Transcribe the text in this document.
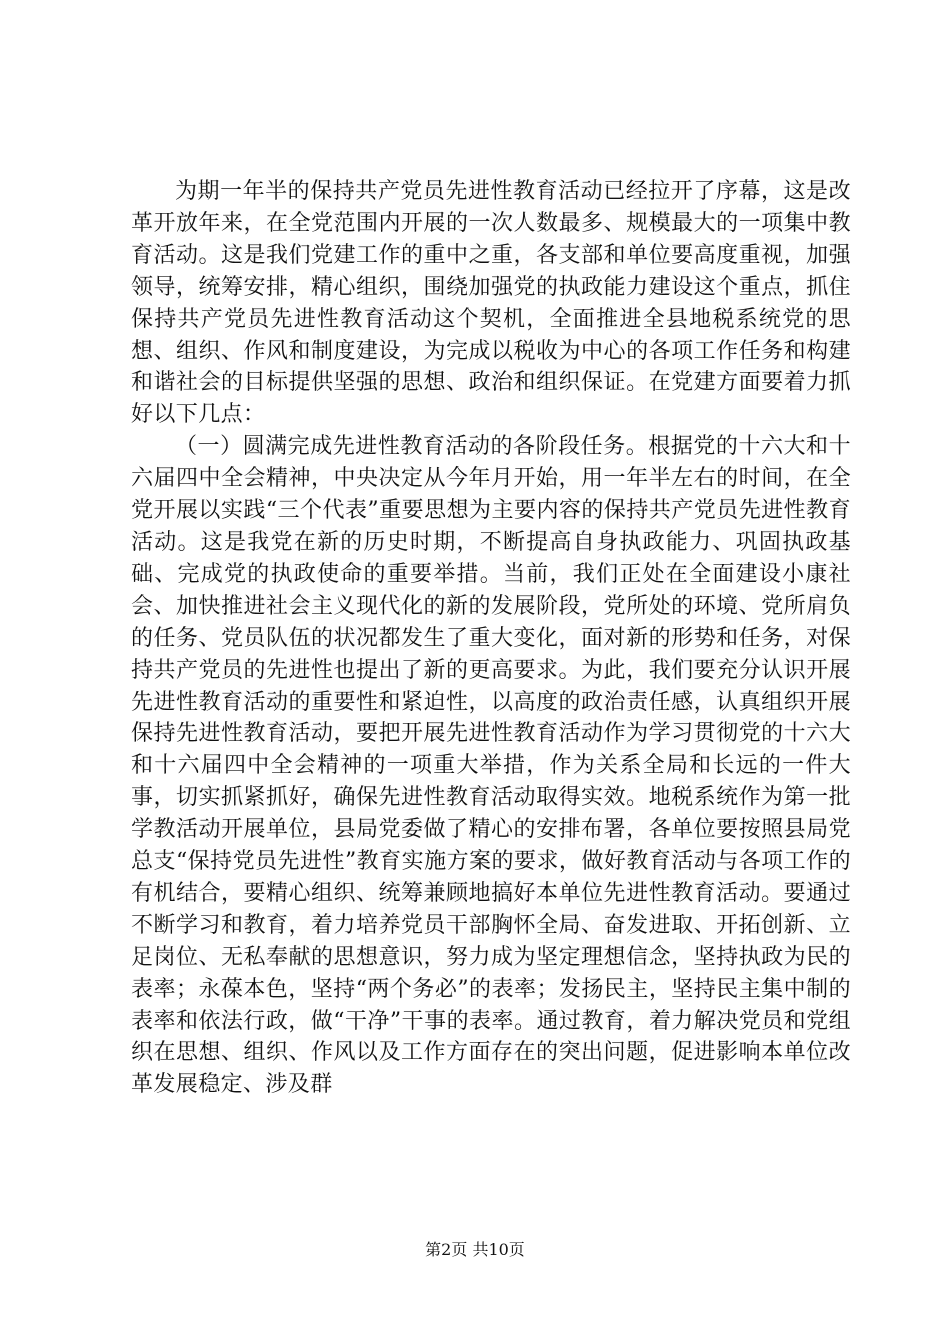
为期一年半的保持共产党员先进性教育活动已经拉开了序幕，这是改革开放年来，在全党范围内开展的一次人数最多、规模最大的一项集中教育活动。这是我们党建工作的重中之重，各支部和单位要高度重视，加强领导，统筹安排，精心组织，围绕加强党的执政能力建设这个重点，抓住保持共产党员先进性教育活动这个契机，全面推进全县地税系统党的思想、组织、作风和制度建设，为完成以税收为中心的各项工作任务和构建和谐社会的目标提供坚强的思想、政治和组织保证。在党建方面要着力抓好以下几点：

（一）圆满完成先进性教育活动的各阶段任务。根据党的十六大和十六届四中全会精神，中央决定从今年月开始，用一年半左右的时间，在全党开展以实践“三个代表”重要思想为主要内容的保持共产党员先进性教育活动。这是我党在新的历史时期，不断提高自身执政能力、巩固执政基础、完成党的执政使命的重要举措。当前，我们正处在全面建设小康社会、加快推进社会主义现代化的新的发展阶段，党所处的环境、党所肩负的任务、党员队伍的状况都发生了重大变化，面对新的形势和任务，对保持共产党员的先进性也提出了新的更高要求。为此，我们要充分认识开展先进性教育活动的重要性和紧迫性，以高度的政治责任感，认真组织开展保持先进性教育活动，要把开展先进性教育活动作为学习贯彻党的十六大和十六届四中全会精神的一项重大举措，作为关系全局和长远的一件大事，切实抓紧抓好，确保先进性教育活动取得实效。地税系统作为第一批学教活动开展单位，县局党委做了精心的安排布署，各单位要按照县局党总支“保持党员先进性”教育实施方案的要求，做好教育活动与各项工作的有机结合，要精心组织、统筹兼顾地搞好本单位先进性教育活动。要通过不断学习和教育，着力培养党员干部胸怀全局、奋发进取、开拓创新、立足岗位、无私奉献的思想意识，努力成为坚定理想信念，坚持执政为民的表率；永葆本色，坚持“两个务必”的表率；发扬民主，坚持民主集中制的表率和依法行政，做“干净”干事的表率。通过教育，着力解决党员和党组织在思想、组织、作风以及工作方面存在的突出问题，促进影响本单位改革发展稳定、涉及群

第2页 共10页
